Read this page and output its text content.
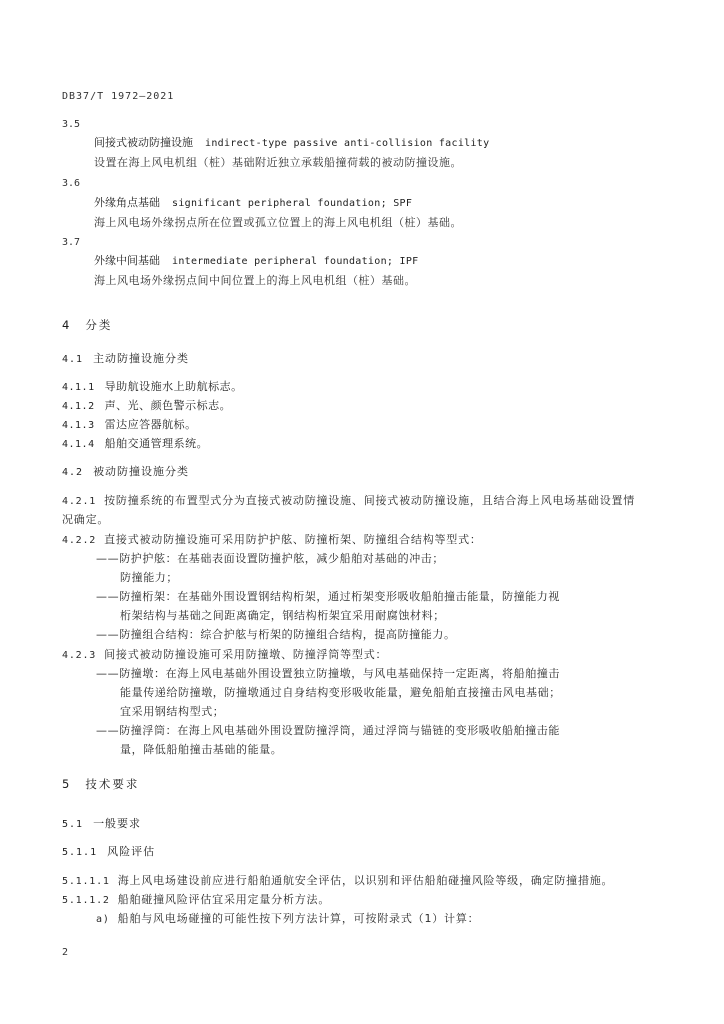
DB37/T 1972—2021
3.5
间接式被动防撞设施 indirect-type passive anti-collision facility
设置在海上风电机组（桩）基础附近独立承载船撞荷载的被动防撞设施。
3.6
外缘角点基础 significant peripheral foundation; SPF
海上风电场外缘拐点所在位置或孤立位置上的海上风电机组（桩）基础。
3.7
外缘中间基础 intermediate peripheral foundation; IPF
海上风电场外缘拐点间中间位置上的海上风电机组（桩）基础。
4 分类
4.1 主动防撞设施分类
4.1.1 导助航设施水上助航标志。
4.1.2 声、光、颜色警示标志。
4.1.3 雷达应答器航标。
4.1.4 船舶交通管理系统。
4.2 被动防撞设施分类
4.2.1 按防撞系统的布置型式分为直接式被动防撞设施、间接式被动防撞设施，且结合海上风电场基础设置情
况确定。
4.2.2 直接式被动防撞设施可采用防护护舷、防撞桁架、防撞组合结构等型式：
——防护护舷：在基础表面设置防撞护舷，减少船舶对基础的冲击；
防撞能力；
——防撞桁架：在基础外围设置钢结构桁架，通过桁架变形吸收船舶撞击能量，防撞能力视
桁架结构与基础之间距离确定，钢结构桁架宜采用耐腐蚀材料；
——防撞组合结构：综合护舷与桁架的防撞组合结构，提高防撞能力。
4.2.3 间接式被动防撞设施可采用防撞墩、防撞浮筒等型式：
——防撞墩：在海上风电基础外围设置独立防撞墩，与风电基础保持一定距离，将船舶撞击
能量传递给防撞墩，防撞墩通过自身结构变形吸收能量，避免船舶直接撞击风电基础；
宜采用钢结构型式；
——防撞浮筒：在海上风电基础外围设置防撞浮筒，通过浮筒与锚链的变形吸收船舶撞击能
量，降低船舶撞击基础的能量。
5 技术要求
5.1 一般要求
5.1.1 风险评估
5.1.1.1 海上风电场建设前应进行船舶通航安全评估，以识别和评估船舶碰撞风险等级，确定防撞措施。
5.1.1.2 船舶碰撞风险评估宜采用定量分析方法。
a) 船舶与风电场碰撞的可能性按下列方法计算，可按附录式（1）计算：
2
